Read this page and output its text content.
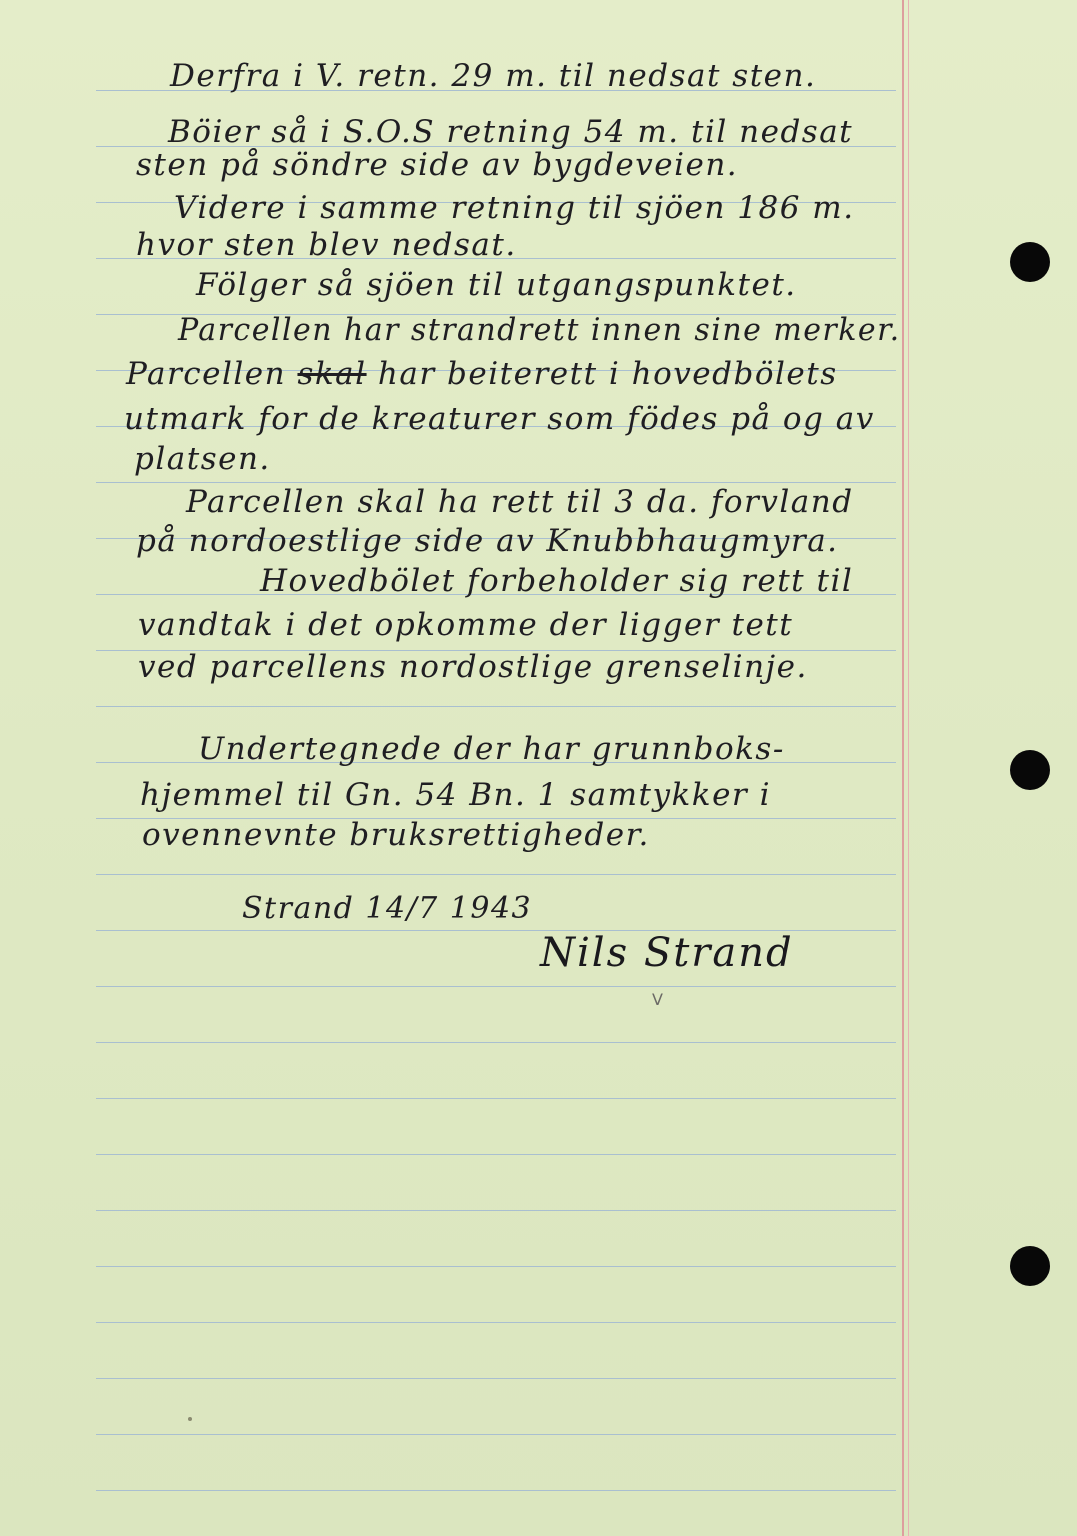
Derfra i V. retn. 29 m. til nedsat sten.
Böier så i S.O.S retning 54 m. til nedsat
sten på söndre side av bygdeveien.
Videre i samme retning til sjöen 186 m.
hvor sten blev nedsat.
Fölger så sjöen til utgangspunktet.
Parcellen har strandrett innen sine merker.
Parcellen skal har beiterett i hovedbölets
utmark for de kreaturer som födes på og av
platsen.
Parcellen skal ha rett til 3 da. forvland
på nordoestlige side av Knubbhaugmyra.
Hovedbölet forbeholder sig rett til
vandtak i det opkomme der ligger tett
ved parcellens nordostlige grenselinje.
Undertegnede der har grunnboks-
hjemmel til Gn. 54 Bn. 1 samtykker i
ovennevnte bruksrettigheder.
Strand 14/7 1943
Nils Strand
V
